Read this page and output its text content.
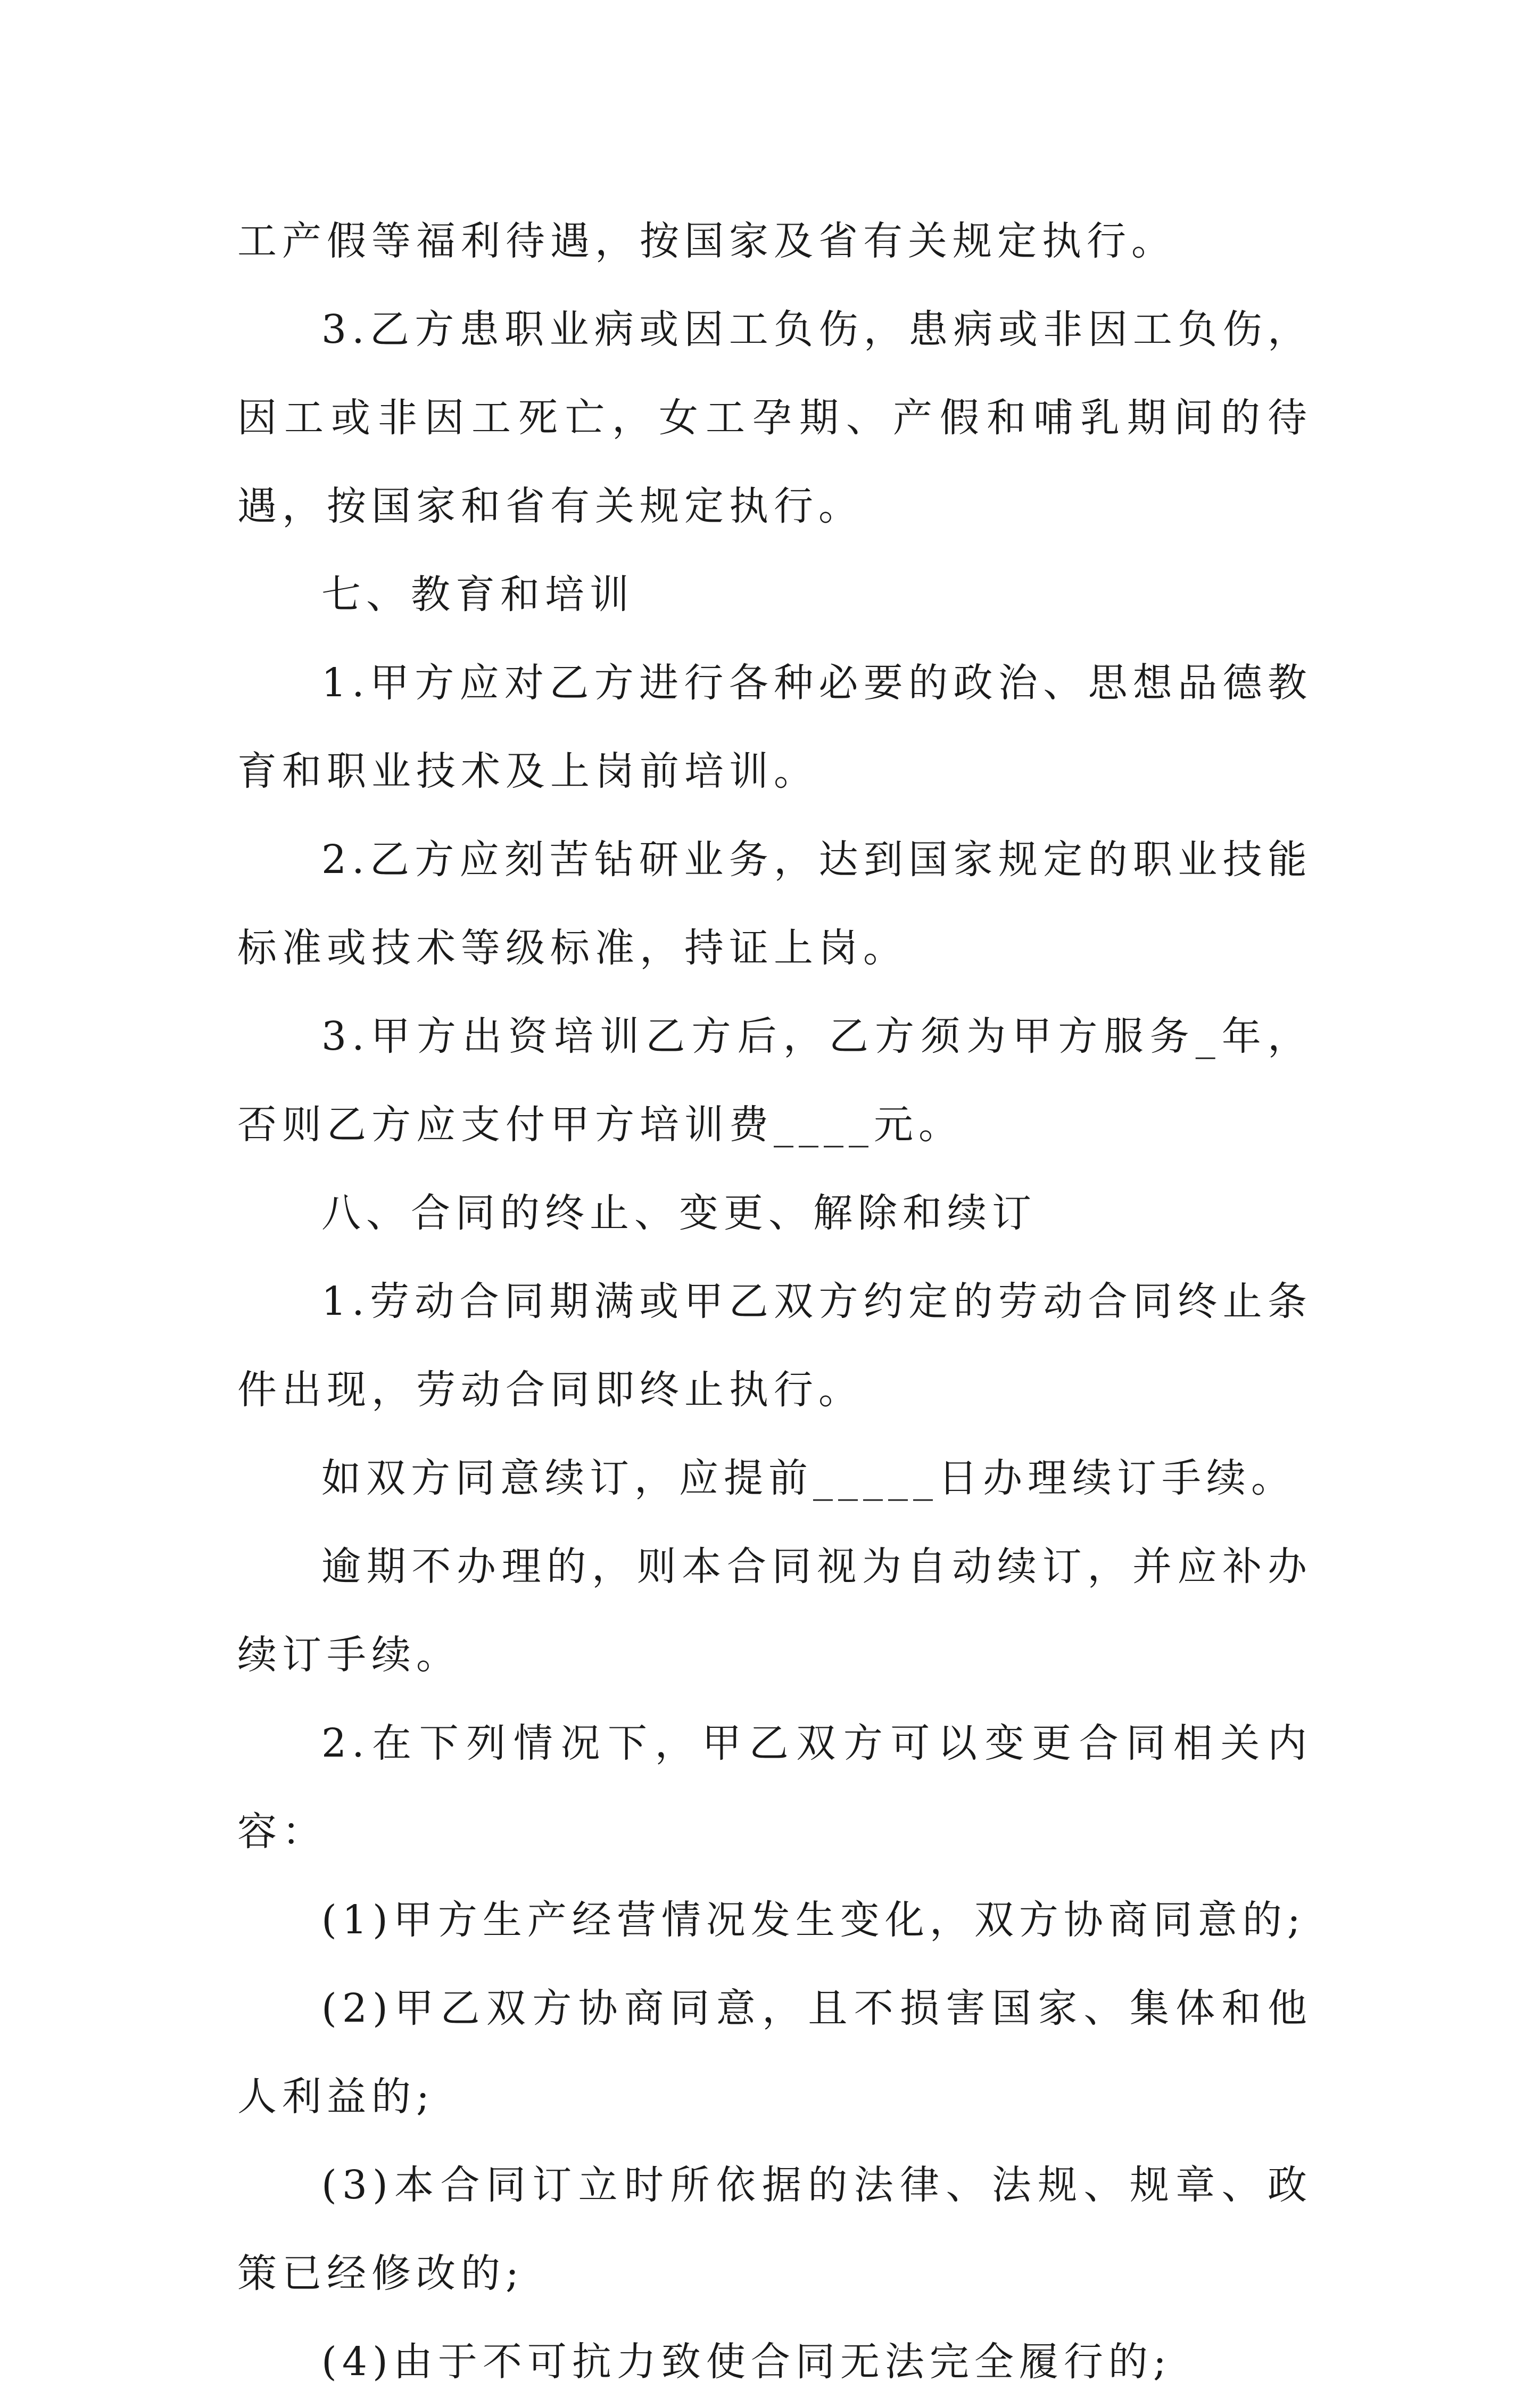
工产假等福利待遇，按国家及省有关规定执行。

3.乙方患职业病或因工负伤，患病或非因工负伤，因工或非因工死亡，女工孕期、产假和哺乳期间的待遇，按国家和省有关规定执行。

七、教育和培训

1.甲方应对乙方进行各种必要的政治、思想品德教育和职业技术及上岗前培训。

2.乙方应刻苦钻研业务，达到国家规定的职业技能标准或技术等级标准，持证上岗。

3.甲方出资培训乙方后，乙方须为甲方服务_年，否则乙方应支付甲方培训费____元。

八、合同的终止、变更、解除和续订

1.劳动合同期满或甲乙双方约定的劳动合同终止条件出现，劳动合同即终止执行。

如双方同意续订，应提前_____日办理续订手续。

逾期不办理的，则本合同视为自动续订，并应补办续订手续。

2.在下列情况下，甲乙双方可以变更合同相关内容：

(1)甲方生产经营情况发生变化，双方协商同意的;

(2)甲乙双方协商同意，且不损害国家、集体和他人利益的;

(3)本合同订立时所依据的法律、法规、规章、政策已经修改的;

(4)由于不可抗力致使合同无法完全履行的;
